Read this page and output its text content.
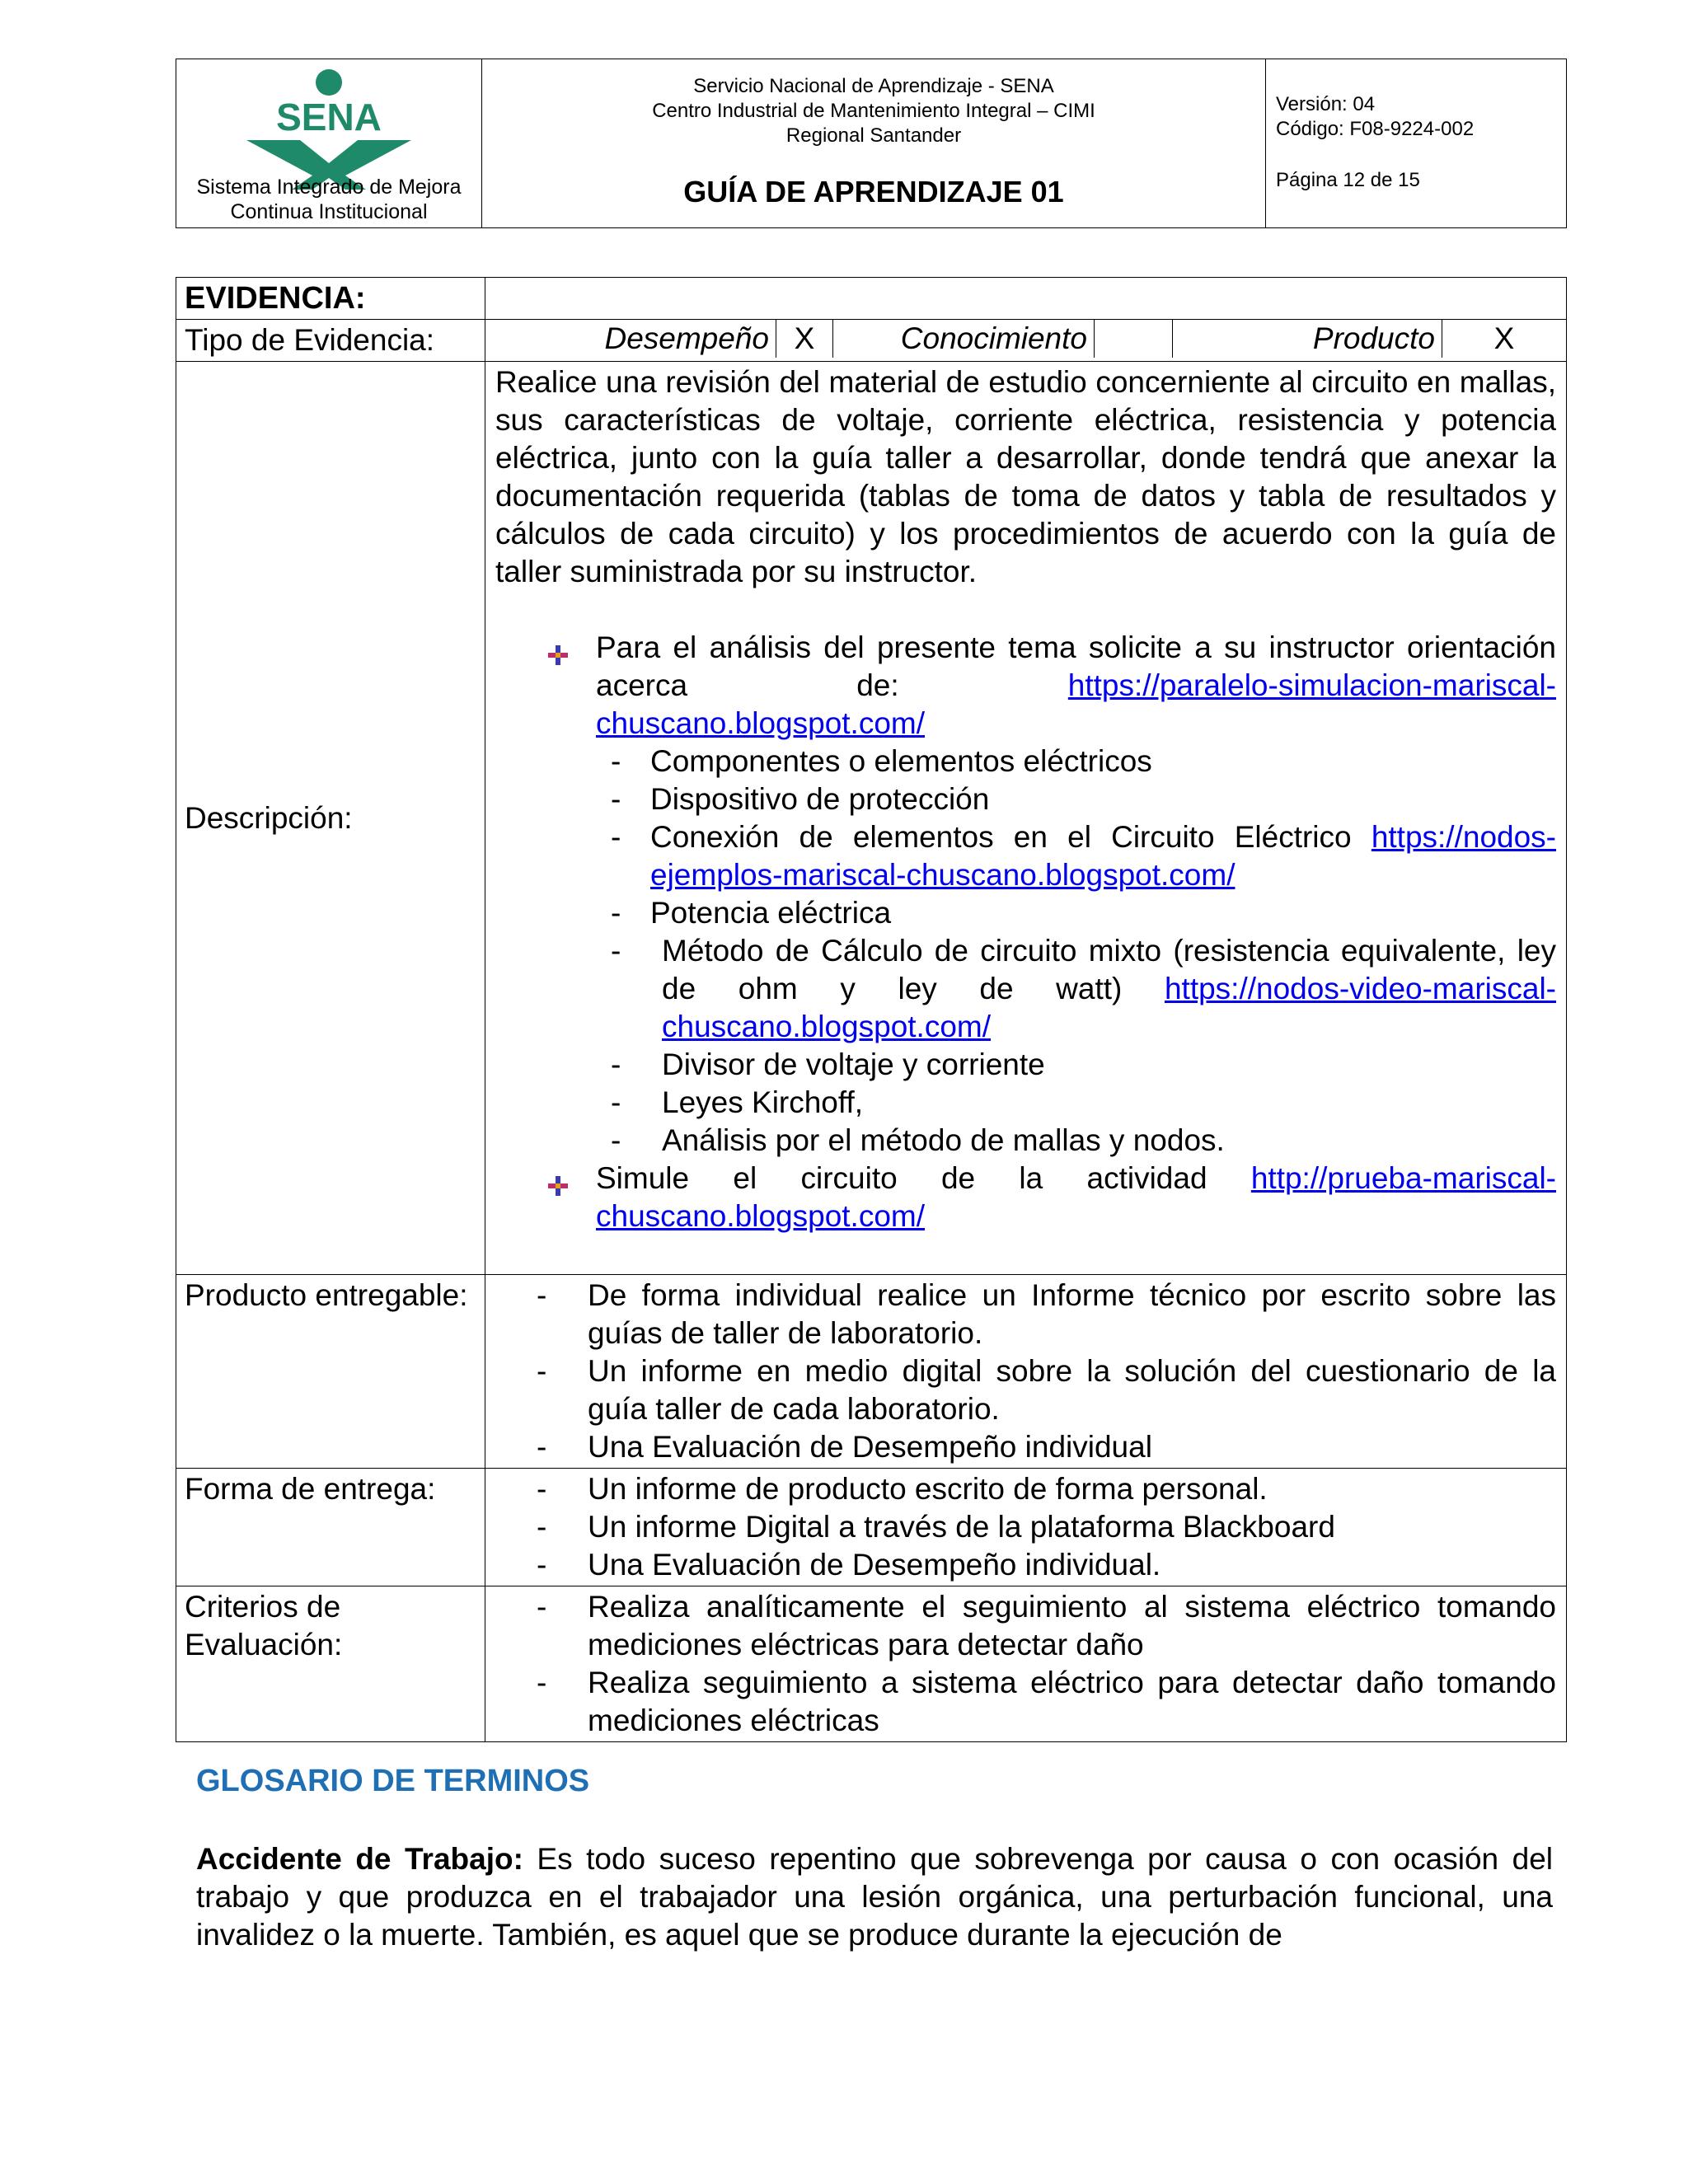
SENA
Sistema Integrado de Mejora
Continua Institucional

Servicio Nacional de Aprendizaje - SENA
Centro Industrial de Mantenimiento Integral – CIMI
Regional Santander
GUÍA DE APRENDIZAJE 01

Versión: 04
Código: F08-9224-002
Página 12 de 15
EVIDENCIA:	
Tipo de Evidencia:		Desempeño	X	Conocimiento		Producto	X

Descripción:	
Realice una revisión del material de estudio concerniente al circuito en mallas, sus características de voltaje, corriente eléctrica, resistencia y potencia eléctrica, junto con la guía taller a desarrollar, donde tendrá que anexar la documentación requerida (tablas de toma de datos y tabla de resultados y cálculos de cada circuito) y los procedimientos de acuerdo con la guía de taller suministrada por su instructor.
Para el análisis del presente tema solicite a su instructor orientación acerca de: https://paralelo-simulacion-mariscal-chuscano.blogspot.com/
- Componentes o elementos eléctricos
- Dispositivo de protección
- Conexión de elementos en el Circuito Eléctrico https://nodos-ejemplos-mariscal-chuscano.blogspot.com/
- Potencia eléctrica
-	Método de Cálculo de circuito mixto (resistencia equivalente, ley de ohm y ley de watt) https://nodos-video-mariscal-chuscano.blogspot.com/
-	Divisor de voltaje y corriente
-	Leyes Kirchoff,
-	Análisis por el método de mallas y nodos.
Simule el circuito de la actividad http://prueba-mariscal-chuscano.blogspot.com/

Producto entregable:	-	De forma individual realice un Informe técnico por escrito sobre las guías de taller de laboratorio.
-	Un informe en medio digital sobre la solución del cuestionario de la guía taller de cada laboratorio.
-	Una Evaluación de Desempeño individual

Forma de entrega:	-	Un informe de producto escrito de forma personal.
-	Un informe Digital a través de la plataforma Blackboard
-	Una Evaluación de Desempeño individual.

Criterios de Evaluación:	
-	Realiza analíticamente el seguimiento al sistema eléctrico tomando mediciones eléctricas para detectar daño
-	Realiza seguimiento a sistema eléctrico para detectar daño tomando mediciones eléctricas
GLOSARIO DE TERMINOS
Accidente de Trabajo: Es todo suceso repentino que sobrevenga por causa o con ocasión del trabajo y que produzca en el trabajador una lesión orgánica, una perturbación funcional, una invalidez o la muerte. También, es aquel que se produce durante la ejecución de
